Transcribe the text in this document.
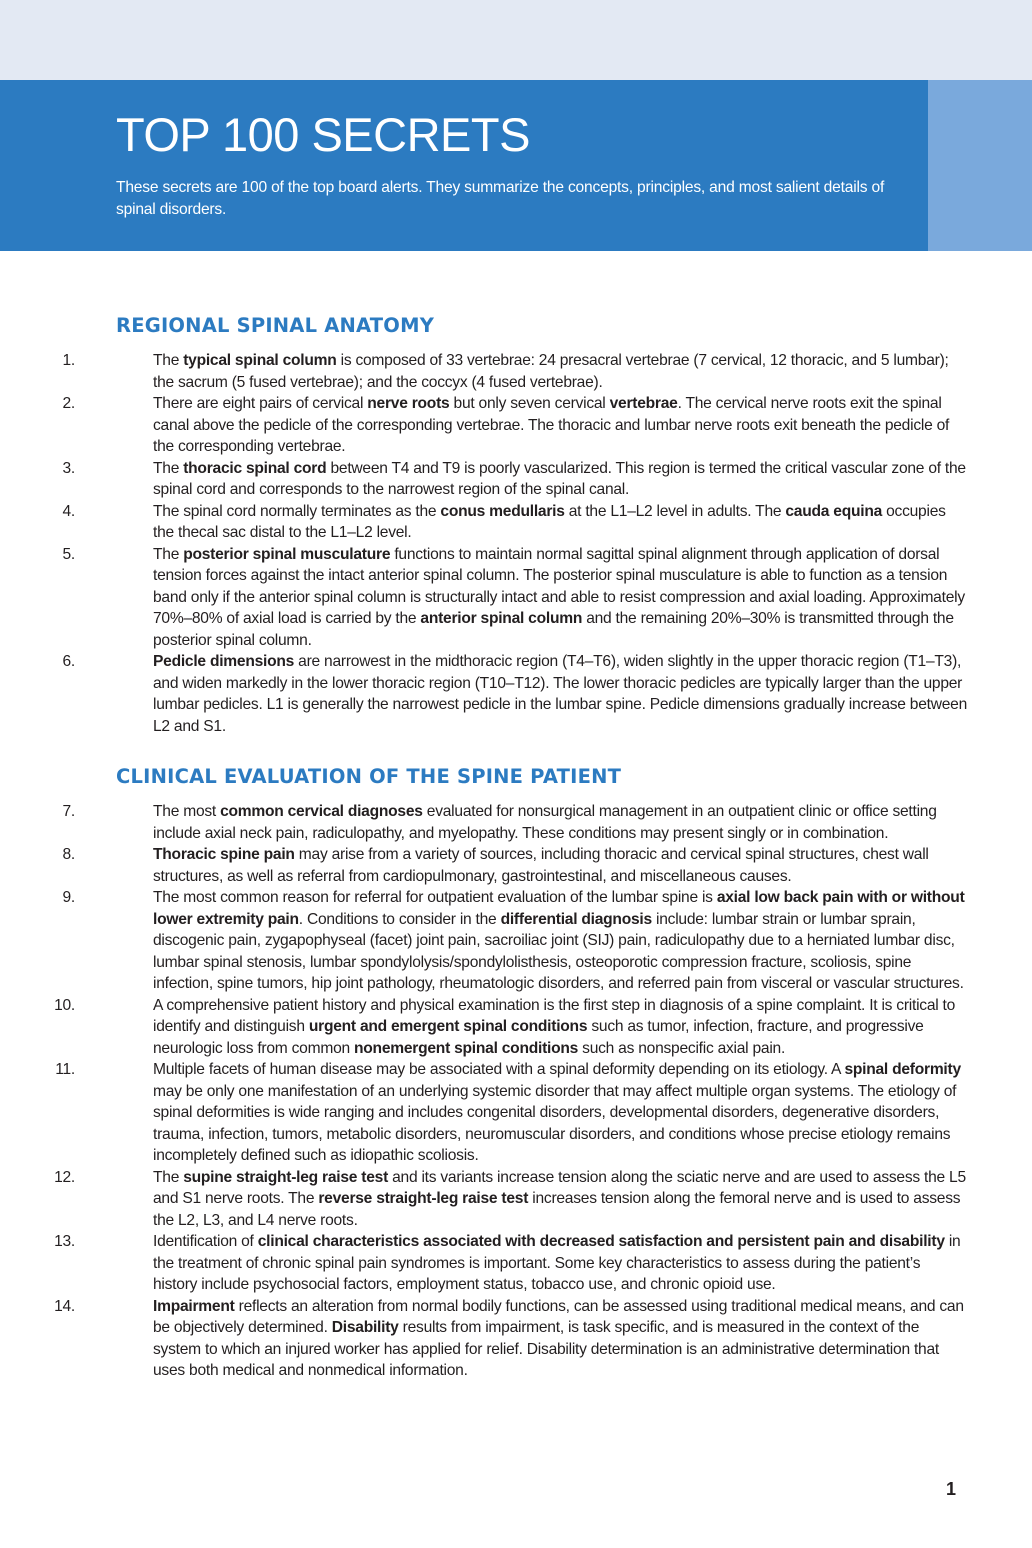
TOP 100 SECRETS

These secrets are 100 of the top board alerts. They summarize the concepts, principles, and most salient details of spinal disorders.

REGIONAL SPINAL ANATOMY
1.	The typical spinal column is composed of 33 vertebrae: 24 presacral vertebrae (7 cervical, 12 thoracic, and 5 lumbar); the sacrum (5 fused vertebrae); and the coccyx (4 fused vertebrae).
2.	There are eight pairs of cervical nerve roots but only seven cervical vertebrae. The cervical nerve roots exit the spinal canal above the pedicle of the corresponding vertebrae. The thoracic and lumbar nerve roots exit beneath the pedicle of the corresponding vertebrae.
3.	The thoracic spinal cord between T4 and T9 is poorly vascularized. This region is termed the critical vascular zone of the spinal cord and corresponds to the narrowest region of the spinal canal.
4.	The spinal cord normally terminates as the conus medullaris at the L1–L2 level in adults. The cauda equina occupies the thecal sac distal to the L1–L2 level.
5.	The posterior spinal musculature functions to maintain normal sagittal spinal alignment through application of dorsal tension forces against the intact anterior spinal column. The posterior spinal musculature is able to function as a tension band only if the anterior spinal column is structurally intact and able to resist compression and axial loading. Approximately 70%–80% of axial load is carried by the anterior spinal column and the remaining 20%–30% is transmitted through the posterior spinal column.
6.	Pedicle dimensions are narrowest in the midthoracic region (T4–T6), widen slightly in the upper thoracic region (T1–T3), and widen markedly in the lower thoracic region (T10–T12). The lower thoracic pedicles are typically larger than the upper lumbar pedicles. L1 is generally the narrowest pedicle in the lumbar spine. Pedicle dimensions gradually increase between L2 and S1.
CLINICAL EVALUATION OF THE SPINE PATIENT
7.	The most common cervical diagnoses evaluated for nonsurgical management in an outpatient clinic or office setting include axial neck pain, radiculopathy, and myelopathy. These conditions may present singly or in combination.
8.	Thoracic spine pain may arise from a variety of sources, including thoracic and cervical spinal structures, chest wall structures, as well as referral from cardiopulmonary, gastrointestinal, and miscellaneous causes.
9.	The most common reason for referral for outpatient evaluation of the lumbar spine is axial low back pain with or without lower extremity pain. Conditions to consider in the differential diagnosis include: lumbar strain or lumbar sprain, discogenic pain, zygapophyseal (facet) joint pain, sacroiliac joint (SIJ) pain, radiculopathy due to a herniated lumbar disc, lumbar spinal stenosis, lumbar spondylolysis/spondylolisthesis, osteoporotic compression fracture, scoliosis, spine infection, spine tumors, hip joint pathology, rheumatologic disorders, and referred pain from visceral or vascular structures.
10.	A comprehensive patient history and physical examination is the first step in diagnosis of a spine complaint. It is critical to identify and distinguish urgent and emergent spinal conditions such as tumor, infection, fracture, and progressive neurologic loss from common nonemergent spinal conditions such as nonspecific axial pain.
11.	Multiple facets of human disease may be associated with a spinal deformity depending on its etiology. A spinal deformity may be only one manifestation of an underlying systemic disorder that may affect multiple organ systems. The etiology of spinal deformities is wide ranging and includes congenital disorders, developmental disorders, degenerative disorders, trauma, infection, tumors, metabolic disorders, neuromuscular disorders, and conditions whose precise etiology remains incompletely defined such as idiopathic scoliosis.
12.	The supine straight-leg raise test and its variants increase tension along the sciatic nerve and are used to assess the L5 and S1 nerve roots. The reverse straight-leg raise test increases tension along the femoral nerve and is used to assess the L2, L3, and L4 nerve roots.
13.	Identification of clinical characteristics associated with decreased satisfaction and persistent pain and disability in the treatment of chronic spinal pain syndromes is important. Some key characteristics to assess during the patient’s history include psychosocial factors, employment status, tobacco use, and chronic opioid use.
14.	Impairment reflects an alteration from normal bodily functions, can be assessed using traditional medical means, and can be objectively determined. Disability results from impairment, is task specific, and is measured in the context of the system to which an injured worker has applied for relief. Disability determination is an administrative determination that uses both medical and nonmedical information.
1
